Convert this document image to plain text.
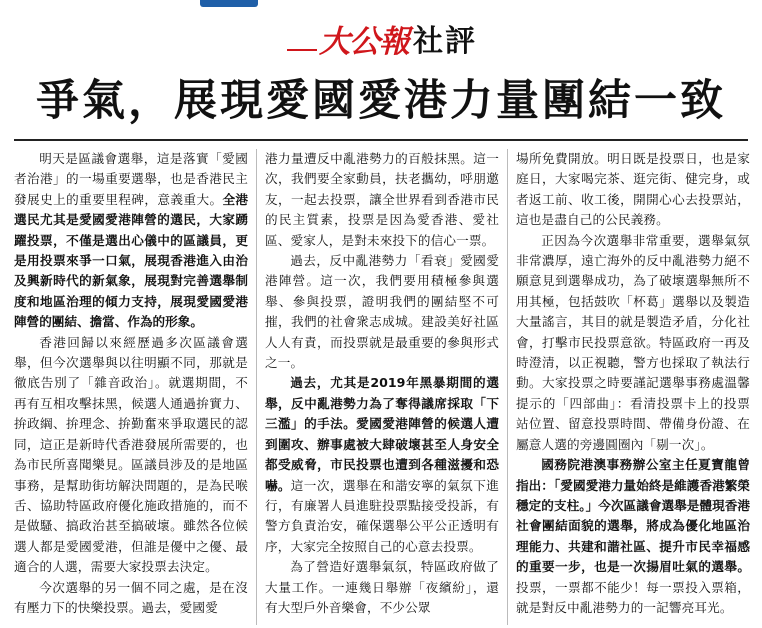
大公報 社評
爭氣，展現愛國愛港力量團結一致

明天是區議會選舉，這是落實「愛國者治港」的一場重要選舉，也是香港民主發展史上的重要里程碑，意義重大。全港選民尤其是愛國愛港陣營的選民，大家踴躍投票，不僅是選出心儀中的區議員，更是用投票來爭一口氣，展現香港進入由治及興新時代的新氣象，展現對完善選舉制度和地區治理的傾力支持，展現愛國愛港陣營的團結、擔當、作為的形象。

香港回歸以來經歷過多次區議會選舉，但今次選舉與以往明顯不同，那就是徹底告別了「雜音政治」。就選期間，不再有互相攻擊抹黑，候選人通過拚實力、拚政綱、拚理念、拚勤奮來爭取選民的認同，這正是新時代香港發展所需要的，也為市民所喜聞樂見。區議員涉及的是地區事務，是幫助街坊解決問題的，是為民喉舌、協助特區政府優化施政措施的，而不是做騷、搞政治甚至搞破壞。雖然各位候選人都是愛國愛港，但誰是優中之優、最適合的人選，需要大家投票去決定。

今次選舉的另一個不同之處，是在沒有壓力下的快樂投票。過去，愛國愛

港力量遭反中亂港勢力的百般抹黑。這一次，我們要全家動員，扶老攜幼，呼朋邀友，一起去投票，讓全世界看到香港市民的民主質素，投票是因為愛香港、愛社區、愛家人，是對未來投下的信心一票。

過去，反中亂港勢力「看衰」愛國愛港陣營。這一次，我們要用積極參與選舉、參與投票，證明我們的團結堅不可摧，我們的社會衆志成城。建設美好社區人人有責，而投票就是最重要的參與形式之一。

過去，尤其是2019年黑暴期間的選舉，反中亂港勢力為了奪得議席採取「下三濫」的手法。愛國愛港陣營的候選人遭到圍攻、辦事處被大肆破壞甚至人身安全都受威脅，市民投票也遭到各種滋擾和恐嚇。這一次，選舉在和諧安寧的氣氛下進行，有廉署人員進駐投票點接受投訴，有警方負責治安，確保選舉公平公正透明有序，大家完全按照自己的心意去投票。

為了營造好選舉氣氛，特區政府做了大量工作。一連幾日舉辦「夜繽紛」，還有大型戶外音樂會，不少公眾

場所免費開放。明日既是投票日，也是家庭日，大家喝完茶、逛完街、健完身，或者返工前、收工後，開開心心去投票站，這也是盡自己的公民義務。

正因為今次選舉非常重要，選舉氣氛非常濃厚，遠亡海外的反中亂港勢力絕不願意見到選舉成功，為了破壞選舉無所不用其極，包括鼓吹「杯葛」選舉以及製造大量謠言，其目的就是製造矛盾，分化社會，打擊市民投票意欲。特區政府一再及時澄清，以正視聽，警方也採取了執法行動。大家投票之時要謹記選舉事務處溫馨提示的「四部曲」：看清投票卡上的投票站位置、留意投票時間、帶備身份證、在屬意人選的旁邊圓圈內「剔一次」。

國務院港澳事務辦公室主任夏寶龍曾指出：「愛國愛港力量始終是維護香港繁榮穩定的支柱。」今次區議會選舉是體現香港社會團結面貌的選舉，將成為優化地區治理能力、共建和諧社區、提升市民幸福感的重要一步，也是一次揚眉吐氣的選舉。投票，一票都不能少！每一票投入票箱，就是對反中亂港勢力的一記響亮耳光。
